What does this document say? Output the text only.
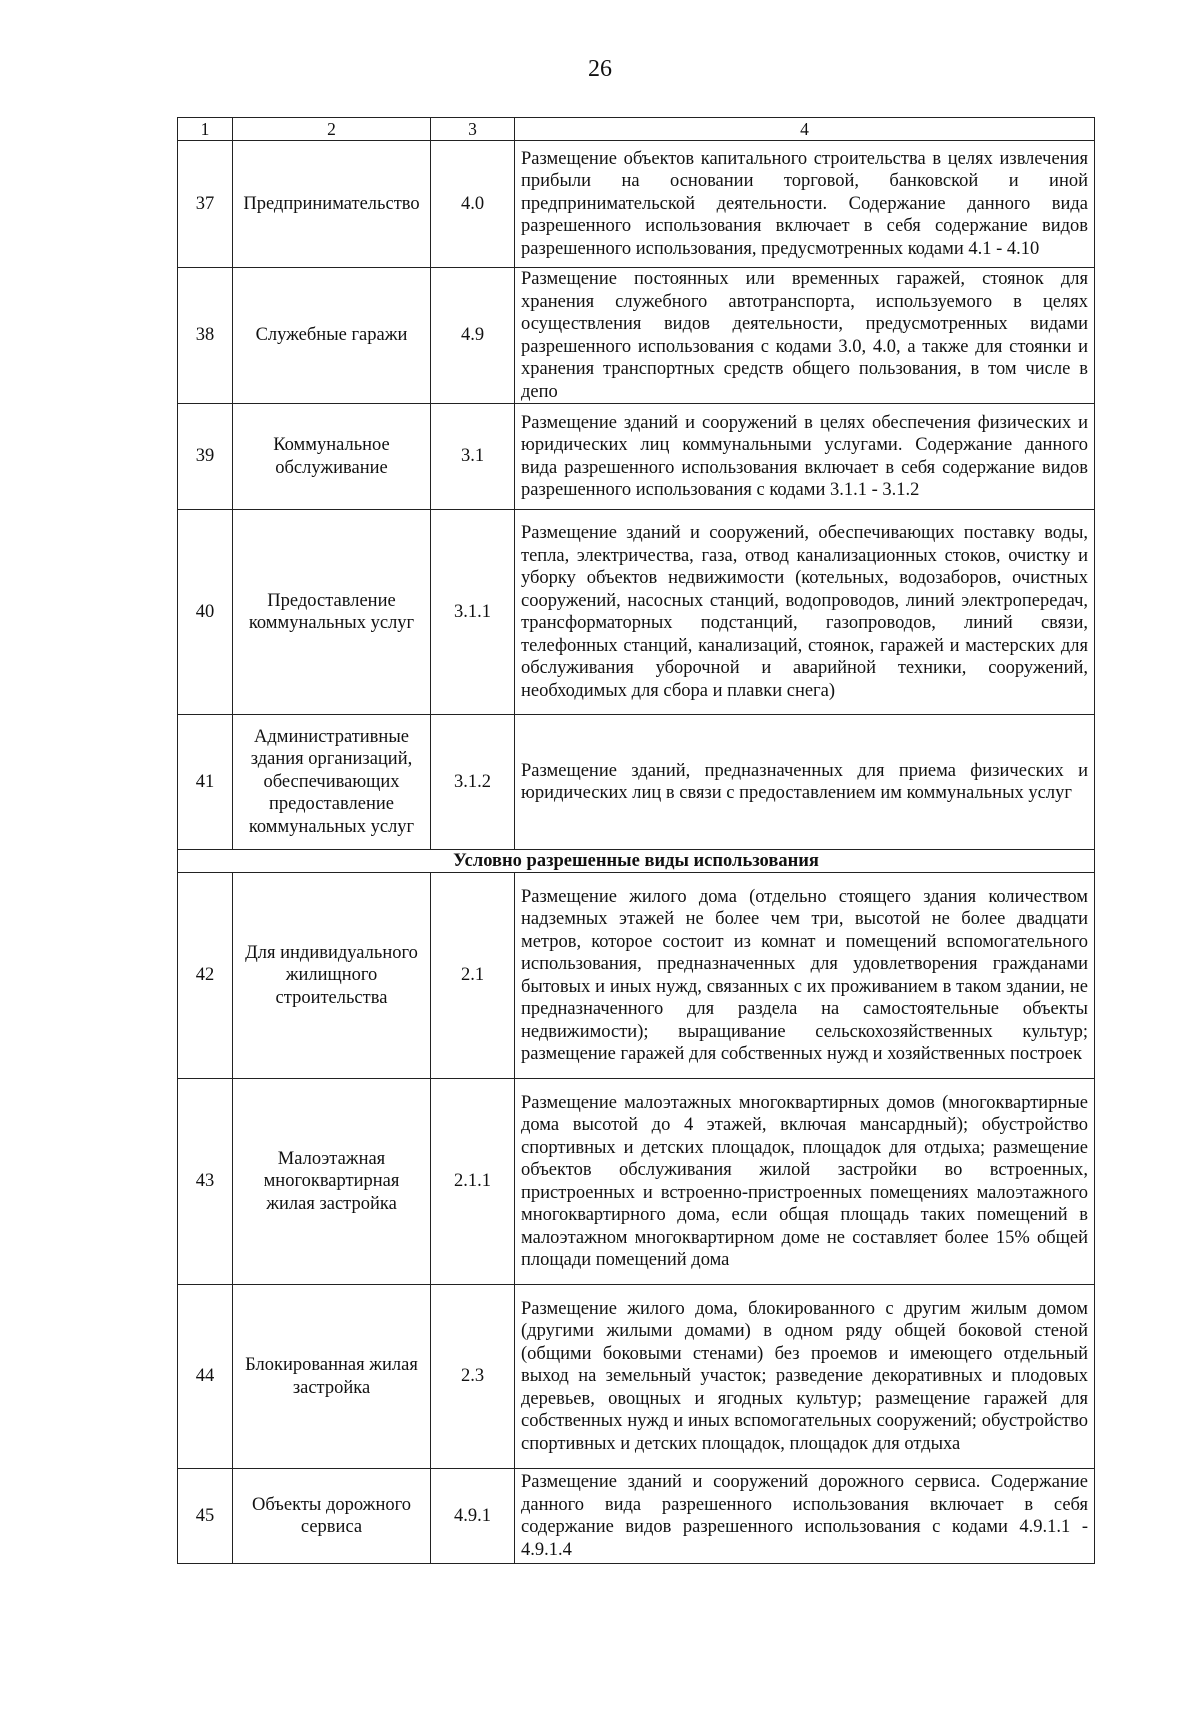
26
1	2	3	4
37	Предпринимательство	4.0	Размещение объектов капитального строительства в целях извлечения прибыли на основании торговой, банковской и иной предпринимательской деятельности. Содержание данного вида разрешенного использования включает в себя содержание видов разрешенного использования, предусмотренных кодами 4.1 - 4.10
38	Служебные гаражи	4.9	Размещение постоянных или временных гаражей, стоянок для хранения служебного автотранспорта, используемого в целях осуществления видов деятельности, предусмотренных видами разрешенного использования с кодами 3.0, 4.0, а также для стоянки и хранения транспортных средств общего пользования, в том числе в депо
39	Коммунальное обслуживание	3.1	Размещение зданий и сооружений в целях обеспечения физических и юридических лиц коммунальными услугами. Содержание данного вида разрешенного использования включает в себя содержание видов разрешенного использования с кодами 3.1.1 - 3.1.2
40	Предоставление коммунальных услуг	3.1.1	Размещение зданий и сооружений, обеспечивающих поставку воды, тепла, электричества, газа, отвод канализационных стоков, очистку и уборку объектов недвижимости (котельных, водозаборов, очистных сооружений, насосных станций, водопроводов, линий электропередач, трансформаторных подстанций, газопроводов, линий связи, телефонных станций, канализаций, стоянок, гаражей и мастерских для обслуживания уборочной и аварийной техники, сооружений, необходимых для сбора и плавки снега)
41	Административные здания организаций, обеспечивающих предоставление коммунальных услуг	3.1.2	Размещение зданий, предназначенных для приема физических и юридических лиц в связи с предоставлением им коммунальных услуг
Условно разрешенные виды использования			
42	Для индивидуального жилищного строительства	2.1	Размещение жилого дома (отдельно стоящего здания количеством надземных этажей не более чем три, высотой не более двадцати метров, которое состоит из комнат и помещений вспомогательного использования, предназначенных для удовлетворения гражданами бытовых и иных нужд, связанных с их проживанием в таком здании, не предназначенного для раздела на самостоятельные объекты недвижимости); выращивание сельскохозяйственных культур; размещение гаражей для собственных нужд и хозяйственных построек
43	Малоэтажная многоквартирная жилая застройка	2.1.1	Размещение малоэтажных многоквартирных домов (многоквартирные дома высотой до 4 этажей, включая мансардный); обустройство спортивных и детских площадок, площадок для отдыха; размещение объектов обслуживания жилой застройки во встроенных, пристроенных и встроенно-пристроенных помещениях малоэтажного многоквартирного дома, если общая площадь таких помещений в малоэтажном многоквартирном доме не составляет более 15% общей площади помещений дома
44	Блокированная жилая застройка	2.3	Размещение жилого дома, блокированного с другим жилым домом (другими жилыми домами) в одном ряду общей боковой стеной (общими боковыми стенами) без проемов и имеющего отдельный выход на земельный участок; разведение декоративных и плодовых деревьев, овощных и ягодных культур; размещение гаражей для собственных нужд и иных вспомогательных сооружений; обустройство спортивных и детских площадок, площадок для отдыха
45	Объекты дорожного сервиса	4.9.1	Размещение зданий и сооружений дорожного сервиса. Содержание данного вида разрешенного использования включает в себя содержание видов разрешенного использования с кодами 4.9.1.1 - 4.9.1.4
